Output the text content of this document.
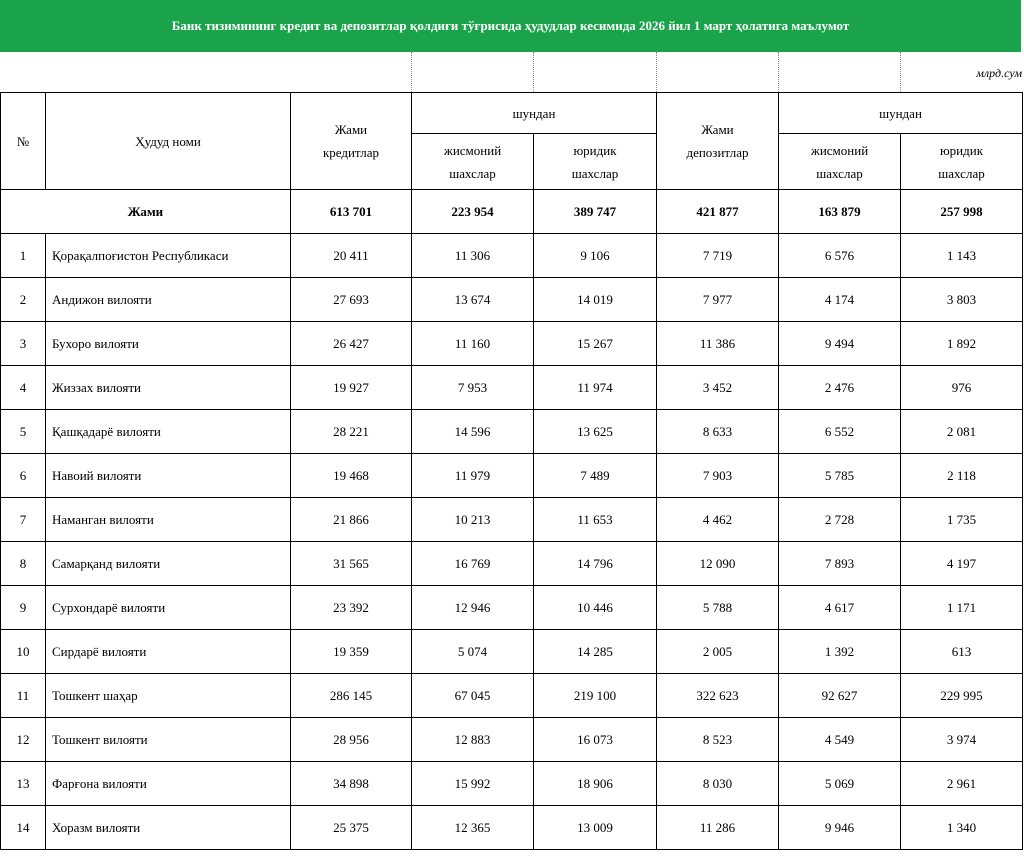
Банк тизимининг кредит ва депозитлар қолдиғи тўғрисида ҳудудлар кесимида 2026 йил 1 март ҳолатига маълумот
млрд.сум
№	Ҳудуд номи	Жами кредитлар	шундан		Жами депозитлар	шундан	
			жисмоний шахслар	юридик шахслар		жисмоний шахслар	юридик шахслар
Жами		613 701	223 954	389 747	421 877	163 879	257 998
1	Қорақалпоғистон Республикаси	20 411	11 306	9 106	7 719	6 576	1 143
2	Андижон вилояти	27 693	13 674	14 019	7 977	4 174	3 803
3	Бухоро вилояти	26 427	11 160	15 267	11 386	9 494	1 892
4	Жиззах вилояти	19 927	7 953	11 974	3 452	2 476	976
5	Қашқадарё вилояти	28 221	14 596	13 625	8 633	6 552	2 081
6	Навоий вилояти	19 468	11 979	7 489	7 903	5 785	2 118
7	Наманган вилояти	21 866	10 213	11 653	4 462	2 728	1 735
8	Самарқанд вилояти	31 565	16 769	14 796	12 090	7 893	4 197
9	Сурхондарё вилояти	23 392	12 946	10 446	5 788	4 617	1 171
10	Сирдарё вилояти	19 359	5 074	14 285	2 005	1 392	613
11	Тошкент шаҳар	286 145	67 045	219 100	322 623	92 627	229 995
12	Тошкент вилояти	28 956	12 883	16 073	8 523	4 549	3 974
13	Фарғона вилояти	34 898	15 992	18 906	8 030	5 069	2 961
14	Хоразм вилояти	25 375	12 365	13 009	11 286	9 946	1 340
